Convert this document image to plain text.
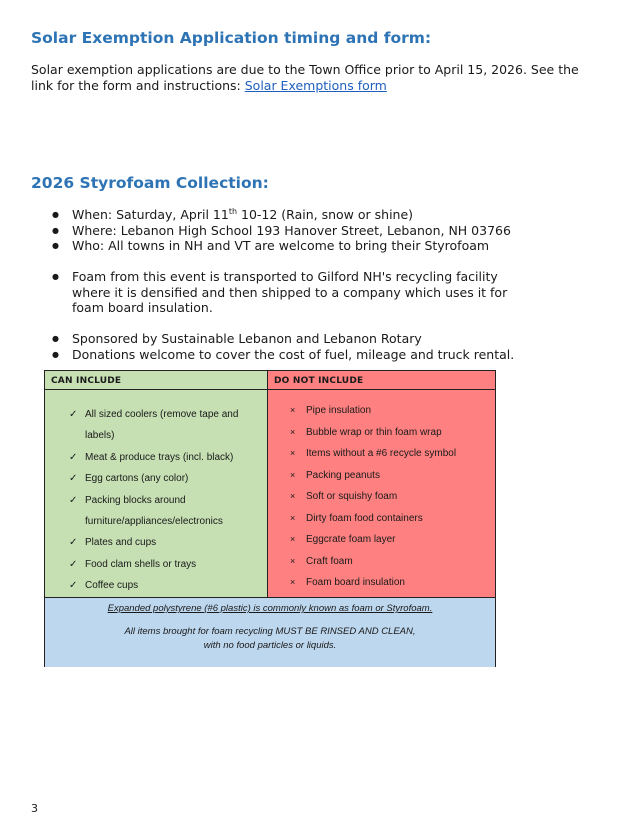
Solar Exemption Application timing and form:
Solar exemption applications are due to the Town Office prior to April 15, 2026. See the link for the form and instructions: Solar Exemptions form
2026 Styrofoam Collection:
● When: Saturday, April 11th 10-12 (Rain, snow or shine)
● Where: Lebanon High School 193 Hanover Street, Lebanon, NH 03766
● Who: All towns in NH and VT are welcome to bring their Styrofoam
● Foam from this event is transported to Gilford NH's recycling facility where it is densified and then shipped to a company which uses it for foam board insulation.
● Sponsored by Sustainable Lebanon and Lebanon Rotary
● Donations welcome to cover the cost of fuel, mileage and truck rental.
CAN INCLUDE
✓ All sized coolers (remove tape and labels)
✓ Meat & produce trays (incl. black)
✓ Egg cartons (any color)
✓ Packing blocks around furniture/appliances/electronics
✓ Plates and cups
✓ Food clam shells or trays
✓ Coffee cups
DO NOT INCLUDE
× Pipe insulation
× Bubble wrap or thin foam wrap
× Items without a #6 recycle symbol
× Packing peanuts
× Soft or squishy foam
× Dirty foam food containers
× Eggcrate foam layer
× Craft foam
× Foam board insulation
Expanded polystyrene (#6 plastic) is commonly known as foam or Styrofoam.
All items brought for foam recycling MUST BE RINSED AND CLEAN,
with no food particles or liquids.
3
